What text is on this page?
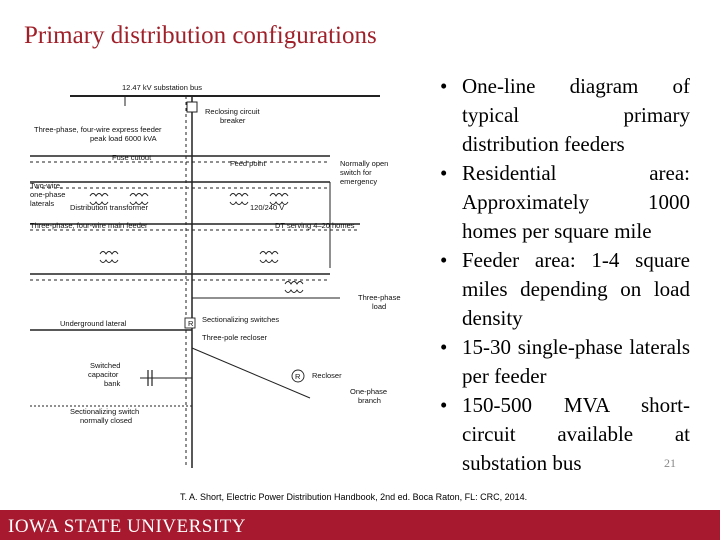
Primary distribution configurations
12.47 kV substation bus
Reclosing circuit
breaker
Three-phase, four-wire express feeder
peak load 6000 kVA
Fuse cutout
Feed point	Normally open
switch for
emergency
Two-wire,
one-phase
laterals Distribution transformer	120/240 V
Three-phase, four-wire main feeder	DT serving 4–20 homes
Three-phase
load
Underground lateral	Sectionalizing switches
Three-pole recloser
R
R
Switched
capacitor
bank
Recloser
One-phase
branch
Sectionalizing switch
normally closed
• One-line diagram of typical primary distribution feeders
• Residential area: Approximately 1000 homes per square mile
• Feeder area: 1-4 square miles depending on load density
• 15-30 single-phase laterals per feeder
• 150-500 MVA short-circuit available at substation bus	21
T. A. Short, Electric Power Distribution Handbook, 2nd ed. Boca Raton, FL: CRC, 2014.
IOWA STATE UNIVERSITY
